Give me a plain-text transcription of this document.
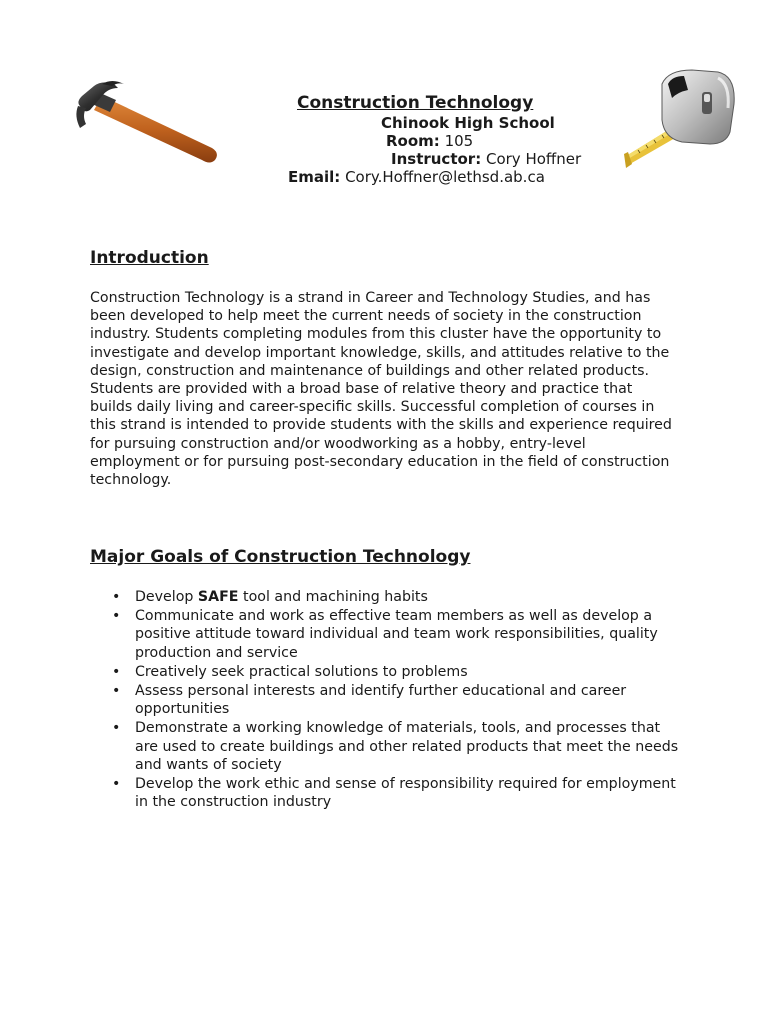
Construction Technology
Chinook High School
Room: 105
Instructor: Cory Hoffner
Email: Cory.Hoffner@lethsd.ab.ca
Introduction

Construction Technology is a strand in Career and Technology Studies, and has been developed to help meet the current needs of society in the construction industry. Students completing modules from this cluster have the opportunity to investigate and develop important knowledge, skills, and attitudes relative to the design, construction and maintenance of buildings and other related products. Students are provided with a broad base of relative theory and practice that builds daily living and career-specific skills. Successful completion of courses in this strand is intended to provide students with the skills and experience required for pursuing construction and/or woodworking as a hobby, entry-level employment or for pursuing post-secondary education in the field of construction technology.

Major Goals of Construction Technology
• Develop SAFE tool and machining habits
• Communicate and work as effective team members as well as develop a positive attitude toward individual and team work responsibilities, quality production and service
• Creatively seek practical solutions to problems
• Assess personal interests and identify further educational and career opportunities
• Demonstrate a working knowledge of materials, tools, and processes that are used to create buildings and other related products that meet the needs and wants of society
• Develop the work ethic and sense of responsibility required for employment in the construction industry
